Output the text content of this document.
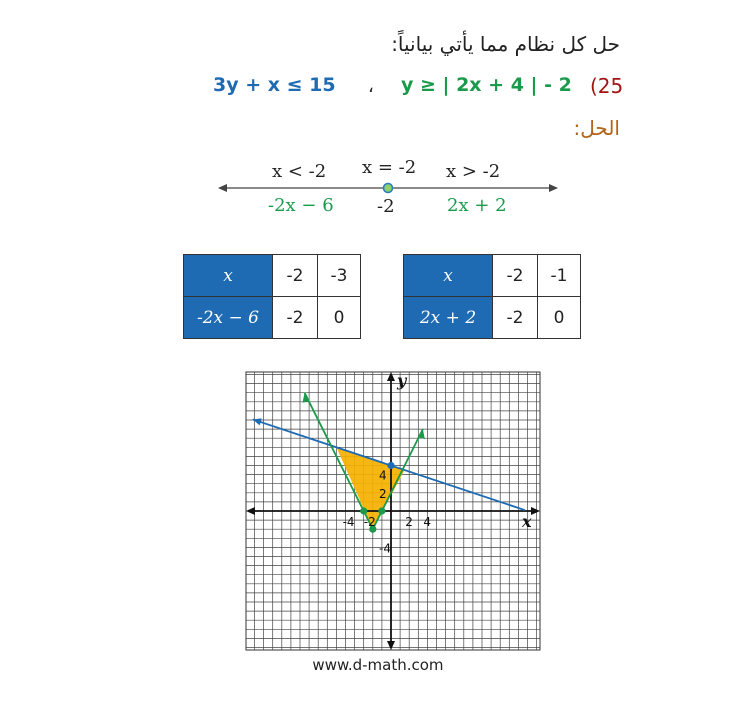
حل كل نظام مما يأتي بيانياً:
(25
y ≥ | 2x + 4 | - 2
،
3y + x ≤ 15
الحل:
x < -2 x = -2 x > -2
-2x − 6 -2	2x + 2
x	-2	-3
-2x − 6	-2	0
x	-2	-1
2x + 2	-2	0
x
y
-4 -2 2 4
4
2
-4
www.d-math.com
